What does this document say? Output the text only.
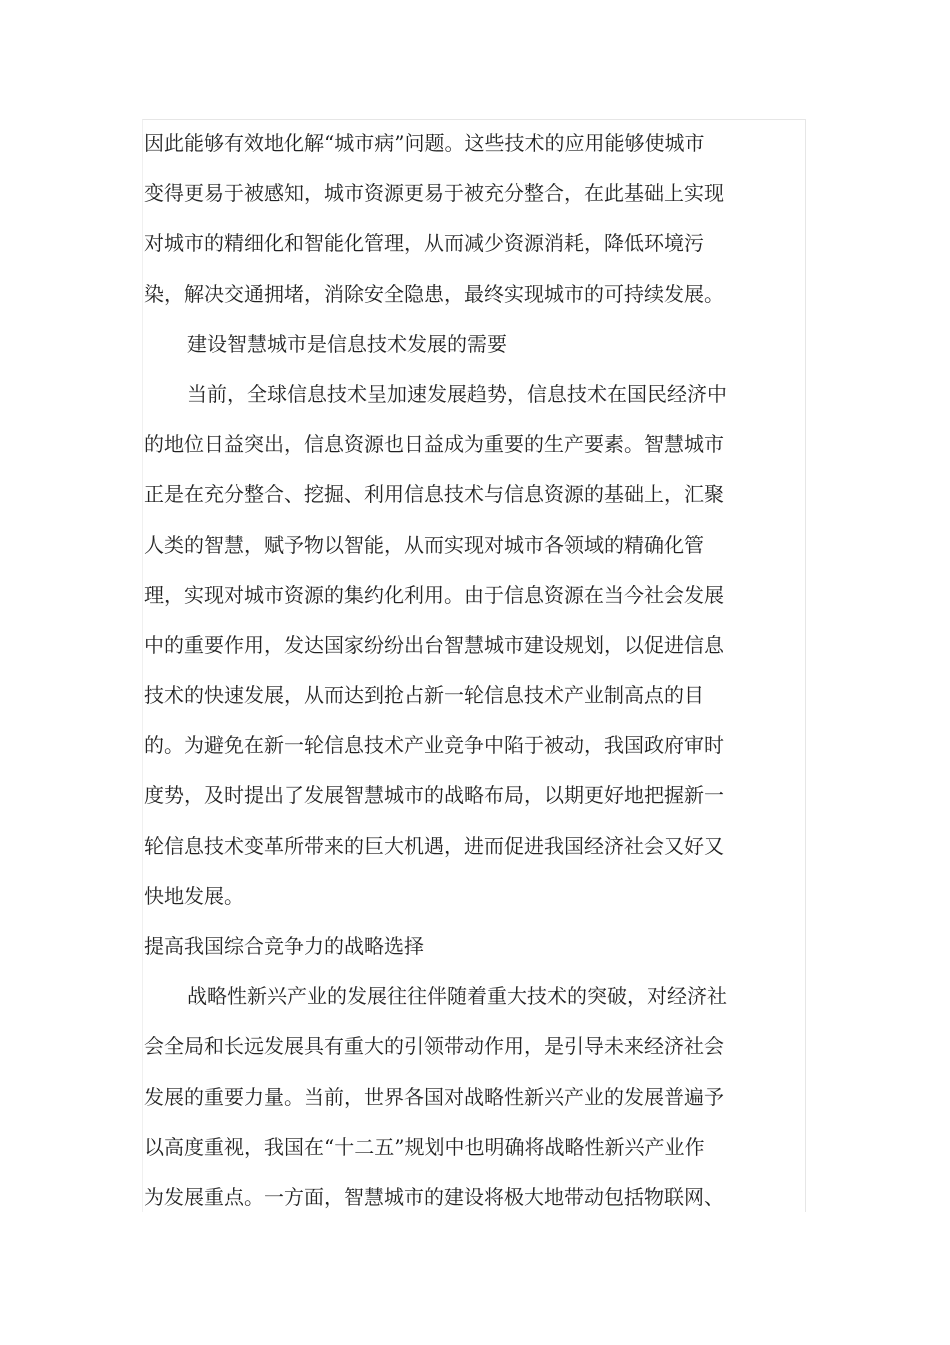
因此能够有效地化解“城市病”问题。这些技术的应用能够使城市
变得更易于被感知，城市资源更易于被充分整合，在此基础上实现
对城市的精细化和智能化管理，从而减少资源消耗，降低环境污
染，解决交通拥堵，消除安全隐患，最终实现城市的可持续发展。
建设智慧城市是信息技术发展的需要
当前，全球信息技术呈加速发展趋势，信息技术在国民经济中
的地位日益突出，信息资源也日益成为重要的生产要素。智慧城市
正是在充分整合、挖掘、利用信息技术与信息资源的基础上，汇聚
人类的智慧，赋予物以智能，从而实现对城市各领域的精确化管
理，实现对城市资源的集约化利用。由于信息资源在当今社会发展
中的重要作用，发达国家纷纷出台智慧城市建设规划，以促进信息
技术的快速发展，从而达到抢占新一轮信息技术产业制高点的目
的。为避免在新一轮信息技术产业竞争中陷于被动，我国政府审时
度势，及时提出了发展智慧城市的战略布局，以期更好地把握新一
轮信息技术变革所带来的巨大机遇，进而促进我国经济社会又好又
快地发展。
提高我国综合竞争力的战略选择
战略性新兴产业的发展往往伴随着重大技术的突破，对经济社
会全局和长远发展具有重大的引领带动作用，是引导未来经济社会
发展的重要力量。当前，世界各国对战略性新兴产业的发展普遍予
以高度重视，我国在“十二五”规划中也明确将战略性新兴产业作
为发展重点。一方面，智慧城市的建设将极大地带动包括物联网、
